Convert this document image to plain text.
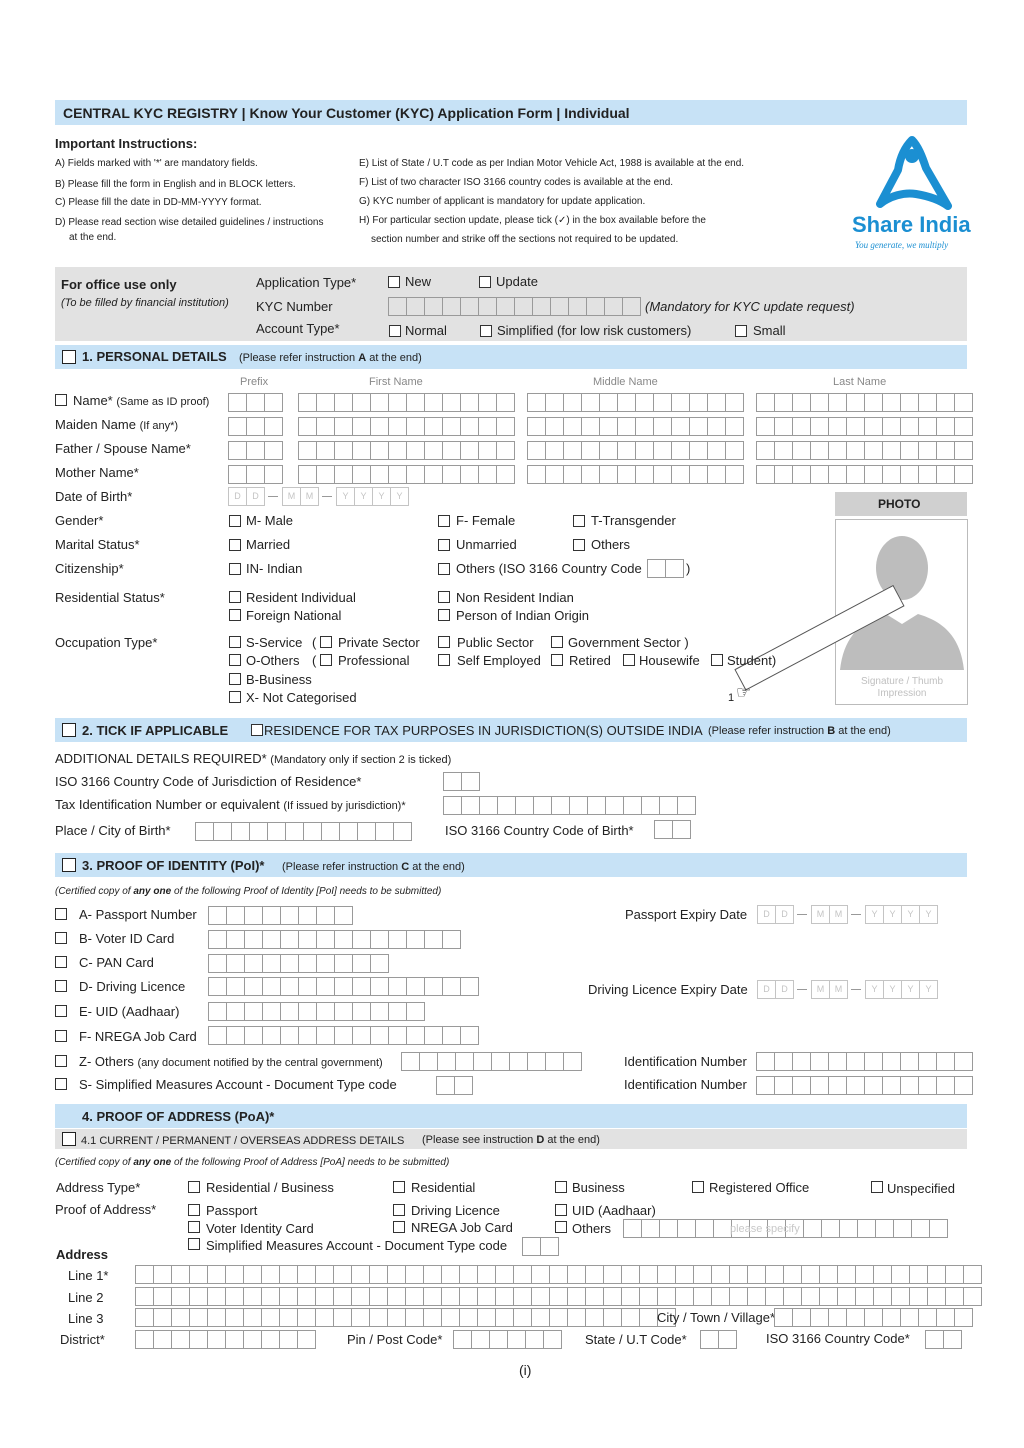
CENTRAL KYC REGISTRY | Know Your Customer (KYC) Application Form | Individual
Important Instructions:
A) Fields marked with '*' are mandatory fields.
B) Please fill the form in English and in BLOCK letters.
C) Please fill the date in DD-MM-YYYY format.
D) Please read section wise detailed guidelines / instructions
at the end.
E) List of State / U.T code as per Indian Motor Vehicle Act, 1988 is available at the end.
F) List of two character ISO 3166 country codes is available at the end.
G) KYC number of applicant is mandatory for update application.
H) For particular section update, please tick (✓) in the box available before the
section number and strike off the sections not required to be updated.
Share India
You generate, we multiply
For office use only
(To be filled by financial institution)
Application Type*	New	Update
KYC Number	(Mandatory for KYC update request)
Account Type*	Normal	Simplified (for low risk customers)	Small
1. PERSONAL DETAILS (Please refer instruction A at the end)
Prefix	First Name	Middle Name	Last Name
Name* (Same as ID proof)
Maiden Name (If any*)
Father / Spouse Name*
Mother Name*
Date of Birth*	D	D	M	M	Y	Y	Y	Y
PHOTO
Signature / Thumb Impression
1 ☞
Gender*	M- Male	F- Female	T-Transgender
Marital Status*	Married	Unmarried	Others
Citizenship*	IN- Indian	Others (ISO 3166 Country Code	)
Residential Status*	Resident Individual	Non Resident Indian
Foreign National	Person of Indian Origin
Occupation Type*	S-Service ( Private Sector	Public Sector	Government Sector )
O-Others ( Professional	Self Employed Retired Housewife Student)
B-Business
X- Not Categorised
2. TICK IF APPLICABLE	RESIDENCE FOR TAX PURPOSES IN JURISDICTION(S) OUTSIDE INDIA (Please refer instruction B at the end)
ADDITIONAL DETAILS REQUIRED* (Mandatory only if section 2 is ticked)
ISO 3166 Country Code of Jurisdiction of Residence*
Tax Identification Number or equivalent (If issued by jurisdiction)*
Place / City of Birth*	ISO 3166 Country Code of Birth*
3. PROOF OF IDENTITY (PoI)* (Please refer instruction C at the end)
(Certified copy of any one of the following Proof of Identity [PoI] needs to be submitted)
A- Passport Number	Passport Expiry Date	D	D	M	M	Y	Y	Y	Y
B- Voter ID Card
C- PAN Card
D- Driving Licence	Driving Licence Expiry Date	D	D	M	M	Y	Y	Y	Y
E- UID (Aadhaar)
F- NREGA Job Card
Z- Others (any document notified by the central government)	Identification Number
S- Simplified Measures Account - Document Type code	Identification Number
4. PROOF OF ADDRESS (PoA)*
4.1 CURRENT / PERMANENT / OVERSEAS ADDRESS DETAILS (Please see instruction D at the end)
(Certified copy of any one of the following Proof of Address [PoA] needs to be submitted)
Address Type*	Residential / Business	Residential	Business	Registered Office	Unspecified
Proof of Address*	Passport	Driving Licence	UID (Aadhaar)
Voter Identity Card	NREGA Job Card	Others	please specify
Simplified Measures Account - Document Type code
Address
Line 1*
Line 2
Line 3	City / Town / Village*
District*	Pin / Post Code*	State / U.T Code*	ISO 3166 Country Code*
(i)
